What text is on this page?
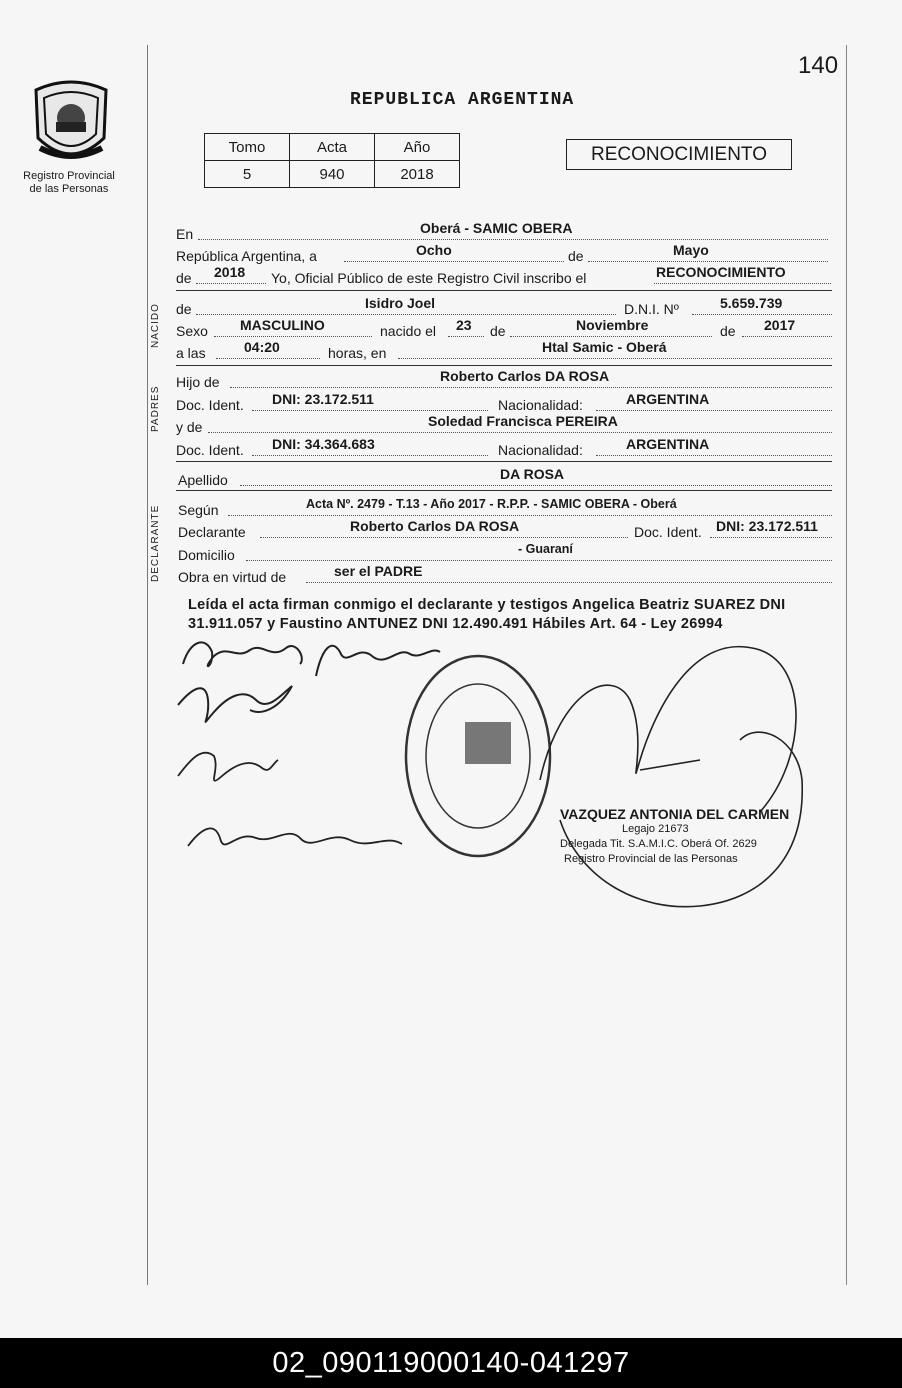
Registro Provincial
de las Personas
140
REPUBLICA ARGENTINA
Tomo	Acta	Año
5	940	2018
RECONOCIMIENTO
En	Oberá - SAMIC OBERA
República Argentina, a	Ocho	de	Mayo
de 2018 Yo, Oficial Público de este Registro Civil inscribo el	RECONOCIMIENTO
NACIDO de	Isidro Joel	D.N.I. Nº	5.659.739
Sexo MASCULINO	nacido el 23 de	Noviembre	de 2017
a las	04:20	horas, en	Htal Samic - Oberá
PADRES
Hijo de	Roberto Carlos DA ROSA
Doc. Ident. DNI: 23.172.511	Nacionalidad:	ARGENTINA
y de	Soledad Francisca PEREIRA
Doc. Ident. DNI: 34.364.683	Nacionalidad:	ARGENTINA
Apellido	DA ROSA
DECLARANTE Según	Acta Nº. 2479 - T.13 - Año 2017 - R.P.P. - SAMIC OBERA - Oberá
Declarante	Roberto Carlos DA ROSA	Doc. Ident. DNI: 23.172.511
Domicilio	- Guaraní
Obra en virtud de	ser el PADRE
Leída el acta firman conmigo el declarante y testigos Angelica Beatriz SUAREZ DNI 31.911.057 y Faustino ANTUNEZ DNI 12.490.491 Hábiles Art. 64 - Ley 26994
VAZQUEZ ANTONIA DEL CARMEN
Legajo 21673
Delegada Tit. S.A.M.I.C. Oberá Of. 2629
Registro Provincial de las Personas
02_090119000140-041297
